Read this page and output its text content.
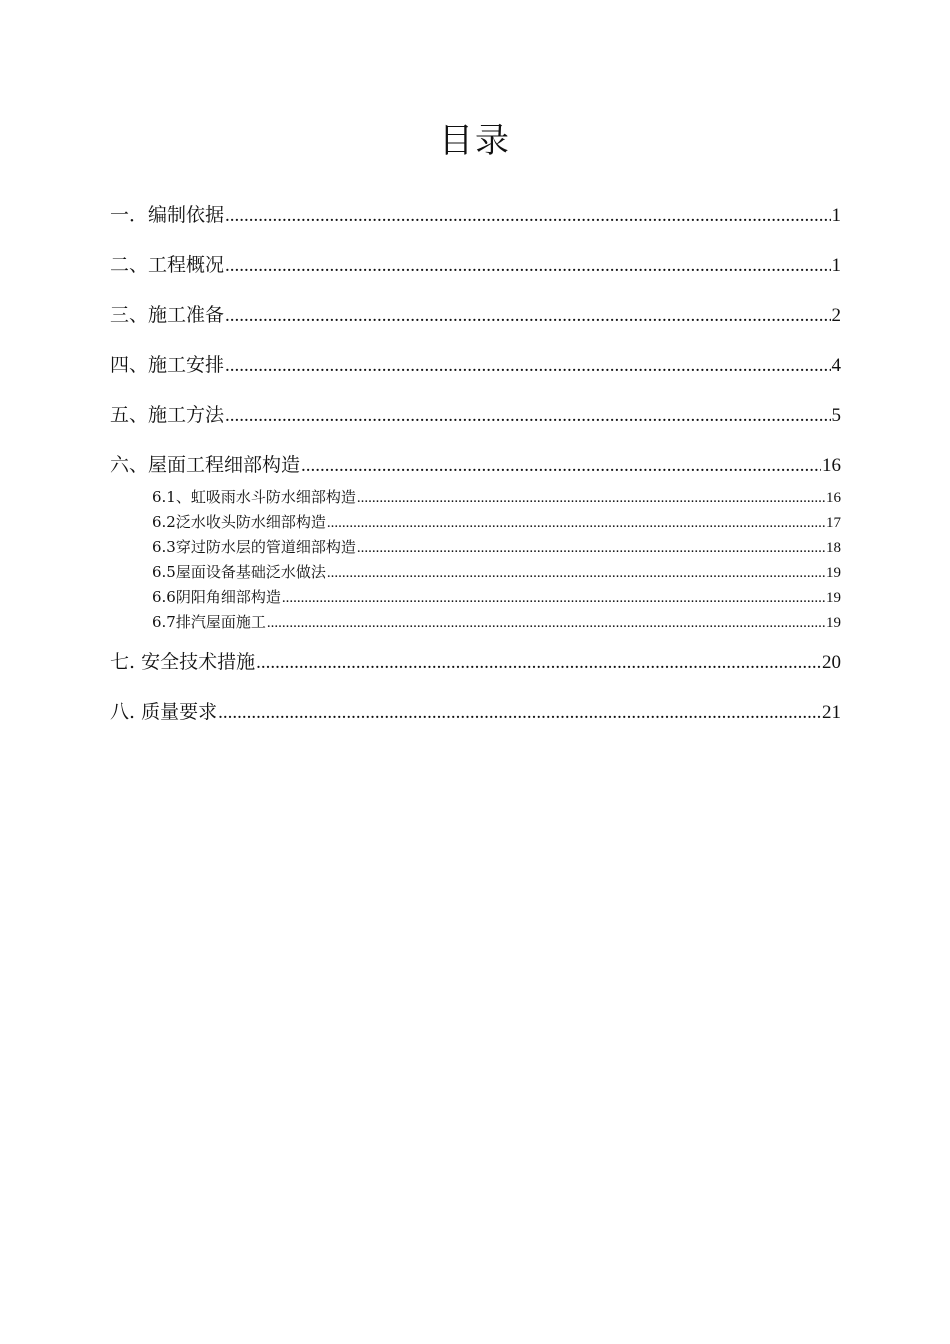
目录
一．编制依据 .....	1
二、工程概况 .....	1
三、施工准备 .....	2
四、施工安排 .....	4
五、施工方法 .....	5
六、屋面工程细部构造 .....	16
6.1、虹吸雨水斗防水细部构造 .....	16
6.2泛水收头防水细部构造 .....	17
6.3穿过防水层的管道细部构造 .....	18
6.5屋面设备基础泛水做法 .....	19
6.6阴阳角细部构造 .....	19
6.7排汽屋面施工 .....	19
七. 安全技术措施 .....	20
八. 质量要求 .....	21
